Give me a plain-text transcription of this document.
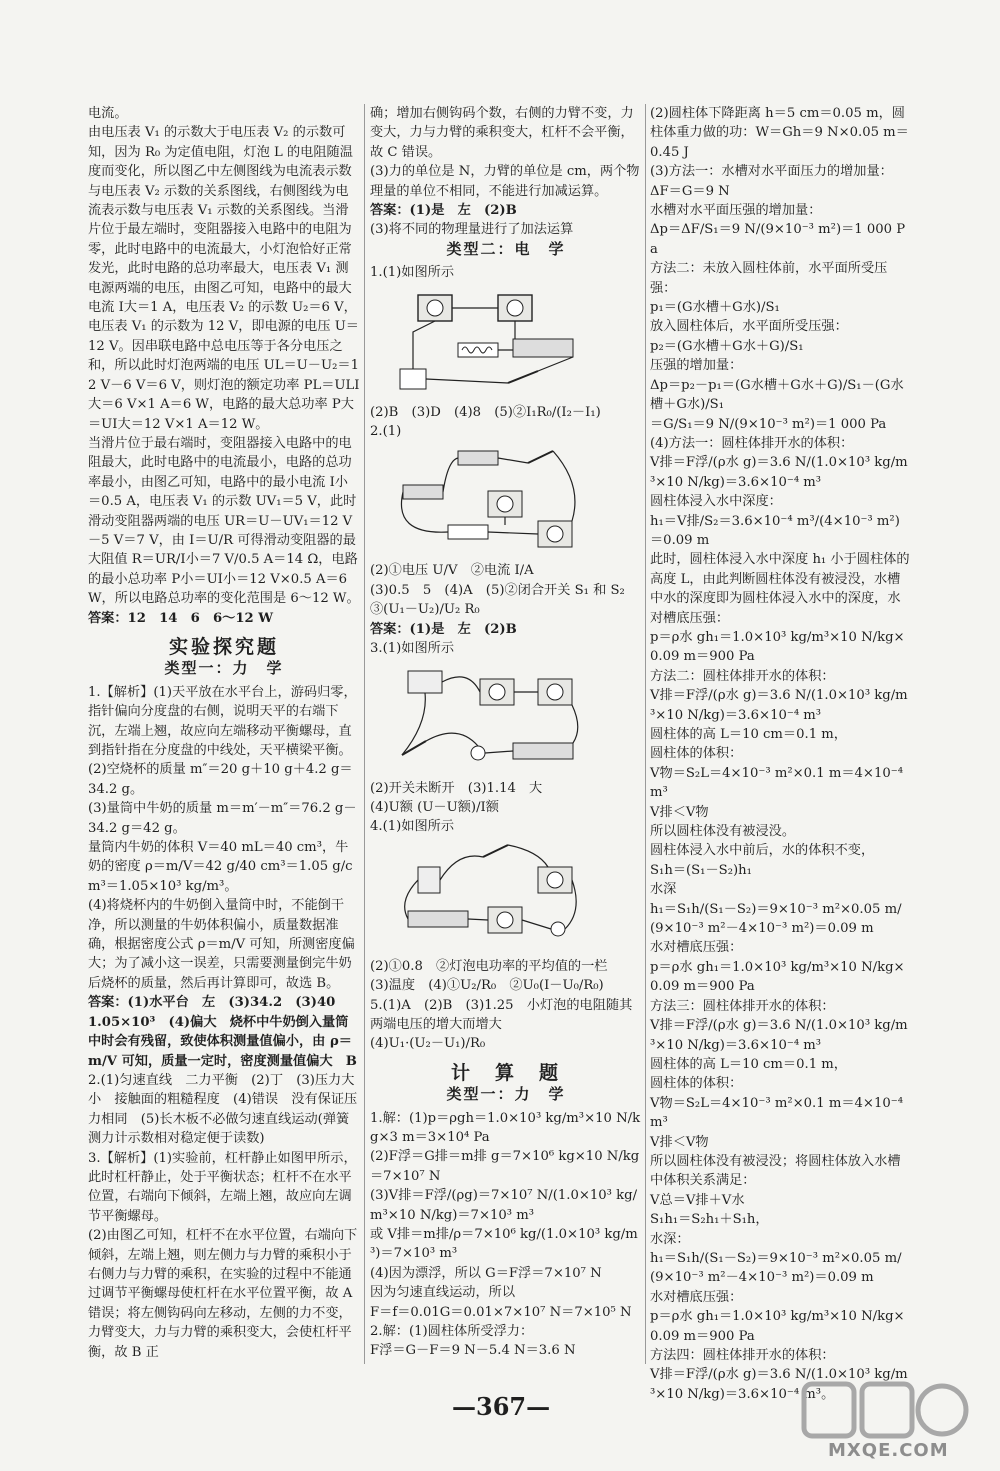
电流。

由电压表 V₁ 的示数大于电压表 V₂ 的示数可知，因为 R₀ 为定值电阻，灯泡 L 的电阻随温度而变化，所以图乙中左侧图线为电流表示数与电压表 V₂ 示数的关系图线，右侧图线为电流表示数与电压表 V₁ 示数的关系图线。当滑片位于最左端时，变阻器接入电路中的电阻为零，此时电路中的电流最大，小灯泡恰好正常发光，此时电路的总功率最大，电压表 V₁ 测电源两端的电压，由图乙可知，电路中的最大电流 I大＝1 A，电压表 V₂ 的示数 U₂＝6 V，电压表 V₁ 的示数为 12 V，即电源的电压 U＝12 V。因串联电路中总电压等于各分电压之和，所以此时灯泡两端的电压 UL＝U－U₂＝12 V－6 V＝6 V，则灯泡的额定功率 PL＝ULI大＝6 V×1 A＝6 W，电路的最大总功率 P大＝UI大＝12 V×1 A＝12 W。

当滑片位于最右端时，变阻器接入电路中的电阻最大，此时电路中的电流最小，电路的总功率最小，由图乙可知，电路中的最小电流 I小＝0.5 A，电压表 V₁ 的示数 UV₁＝5 V，此时滑动变阻器两端的电压 UR＝U－UV₁＝12 V－5 V＝7 V，由 I＝U/R 可得滑动变阻器的最大阻值 R＝UR/I小＝7 V/0.5 A＝14 Ω，电路的最小总功率 P小＝UI小＝12 V×0.5 A＝6 W，所以电路总功率的变化范围是 6～12 W。

答案：12　14　6　6～12 W

实验探究题
类型一：力　学

1.【解析】(1)天平放在水平台上，游码归零，指针偏向分度盘的右侧，说明天平的右端下沉，左端上翘，故应向左端移动平衡螺母，直到指针指在分度盘的中线处，天平横梁平衡。

(2)空烧杯的质量 m″＝20 g＋10 g＋4.2 g＝34.2 g。

(3)量筒中牛奶的质量 m＝m′－m″＝76.2 g－34.2 g＝42 g。

量筒内牛奶的体积 V＝40 mL＝40 cm³，牛奶的密度 ρ＝m/V＝42 g/40 cm³＝1.05 g/cm³＝1.05×10³ kg/m³。

(4)将烧杯内的牛奶倒入量筒中时，不能倒干净，所以测量的牛奶体积偏小，质量数据准确，根据密度公式 ρ＝m/V 可知，所测密度偏大；为了减小这一误差，只需要测量倒完牛奶后烧杯的质量，然后再计算即可，故选 B。

答案：(1)水平台　左　(3)34.2　(3)40　1.05×10³　(4)偏大　烧杯中牛奶倒入量筒中时会有残留，致使体积测量值偏小，由 ρ＝m/V 可知，质量一定时，密度测量值偏大　B

2.(1)匀速直线　二力平衡　(2)丁　(3)压力大小　接触面的粗糙程度　(4)错误　没有保证压力相同　(5)长木板不必做匀速直线运动(弹簧测力计示数相对稳定便于读数)

3.【解析】(1)实验前，杠杆静止如图甲所示，此时杠杆静止，处于平衡状态；杠杆不在水平位置，右端向下倾斜，左端上翘，故应向左调节平衡螺母。

(2)由图乙可知，杠杆不在水平位置，右端向下倾斜，左端上翘，则左侧力与力臂的乘积小于右侧力与力臂的乘积，在实验的过程中不能通过调节平衡螺母使杠杆在水平位置平衡，故 A 错误；将左侧钩码向左移动，左侧的力不变，力臂变大，力与力臂的乘积变大，会使杠杆平衡，故 B 正

确；增加右侧钩码个数，右侧的力臂不变，力变大，力与力臂的乘积变大，杠杆不会平衡，故 C 错误。

(3)力的单位是 N，力臂的单位是 cm，两个物理量的单位不相同，不能进行加减运算。

答案：(1)是　左　(2)B

(3)将不同的物理量进行了加法运算

类型二：电　学

1.(1)如图所示

(2)B　(3)D　(4)8　(5)②I₁R₀/(I₂－I₁)

2.(1)

(2)①电压 U/V　②电流 I/A

(3)0.5　5　(4)A　(5)②闭合开关 S₁ 和 S₂　③(U₁－U₂)/U₂ R₀

答案：(1)是　左　(2)B

3.(1)如图所示

(2)开关未断开　(3)1.14　大

(4)U额 (U－U额)/I额

4.(1)如图所示

(2)①0.8　②灯泡电功率的平均值的一栏

(3)温度　(4)①U₂/R₀　②U₀(I－U₀/R₀)

5.(1)A　(2)B　(3)1.25　小灯泡的电阻随其两端电压的增大而增大

(4)U₁·(U₂－U₁)/R₀

计　算　题
类型一：力　学

1.解：(1)p＝ρgh＝1.0×10³ kg/m³×10 N/kg×3 m＝3×10⁴ Pa

(2)F浮＝G排＝m排 g＝7×10⁶ kg×10 N/kg＝7×10⁷ N

(3)V排＝F浮/(ρg)＝7×10⁷ N/(1.0×10³ kg/m³×10 N/kg)＝7×10³ m³

或 V排＝m排/ρ＝7×10⁶ kg/(1.0×10³ kg/m³)＝7×10³ m³

(4)因为漂浮，所以 G＝F浮＝7×10⁷ N

因为匀速直线运动，所以

F＝f＝0.01G＝0.01×7×10⁷ N＝7×10⁵ N

2.解：(1)圆柱体所受浮力：

F浮＝G－F＝9 N－5.4 N＝3.6 N

(2)圆柱体下降距离 h＝5 cm＝0.05 m，圆柱体重力做的功：W＝Gh＝9 N×0.05 m＝0.45 J

(3)方法一：水槽对水平面压力的增加量：

ΔF＝G＝9 N

水槽对水平面压强的增加量：

Δp＝ΔF/S₁＝9 N/(9×10⁻³ m²)＝1 000 Pa

方法二：未放入圆柱体前，水平面所受压强：

p₁＝(G水槽＋G水)/S₁

放入圆柱体后，水平面所受压强：

p₂＝(G水槽＋G水＋G)/S₁

压强的增加量：

Δp＝p₂－p₁＝(G水槽＋G水＋G)/S₁－(G水槽＋G水)/S₁

＝G/S₁＝9 N/(9×10⁻³ m²)＝1 000 Pa

(4)方法一：圆柱体排开水的体积：

V排＝F浮/(ρ水 g)＝3.6 N/(1.0×10³ kg/m³×10 N/kg)＝3.6×10⁻⁴ m³

圆柱体浸入水中深度：

h₁＝V排/S₂＝3.6×10⁻⁴ m³/(4×10⁻³ m²)＝0.09 m

此时，圆柱体浸入水中深度 h₁ 小于圆柱体的高度 L，由此判断圆柱体没有被浸没，水槽中水的深度即为圆柱体浸入水中的深度，水对槽底压强：

p＝ρ水 gh₁＝1.0×10³ kg/m³×10 N/kg×0.09 m＝900 Pa

方法二：圆柱体排开水的体积：

V排＝F浮/(ρ水 g)＝3.6 N/(1.0×10³ kg/m³×10 N/kg)＝3.6×10⁻⁴ m³

圆柱体的高 L＝10 cm＝0.1 m，

圆柱体的体积：

V物＝S₂L＝4×10⁻³ m²×0.1 m＝4×10⁻⁴ m³

V排＜V物

所以圆柱体没有被浸没。

圆柱体浸入水中前后，水的体积不变，

S₁h＝(S₁－S₂)h₁

水深

h₁＝S₁h/(S₁－S₂)＝9×10⁻³ m²×0.05 m/(9×10⁻³ m²－4×10⁻³ m²)＝0.09 m

水对槽底压强：

p＝ρ水 gh₁＝1.0×10³ kg/m³×10 N/kg×0.09 m＝900 Pa

方法三：圆柱体排开水的体积：

V排＝F浮/(ρ水 g)＝3.6 N/(1.0×10³ kg/m³×10 N/kg)＝3.6×10⁻⁴ m³

圆柱体的高 L＝10 cm＝0.1 m，

圆柱体的体积：

V物＝S₂L＝4×10⁻³ m²×0.1 m＝4×10⁻⁴ m³

V排＜V物

所以圆柱体没有被浸没；将圆柱体放入水槽中体积关系满足：

V总＝V排＋V水

S₁h₁＝S₂h₁＋S₁h，

水深：

h₁＝S₁h/(S₁－S₂)＝9×10⁻³ m²×0.05 m/(9×10⁻³ m²－4×10⁻³ m²)＝0.09 m

水对槽底压强：

p＝ρ水 gh₁＝1.0×10³ kg/m³×10 N/kg×0.09 m＝900 Pa

方法四：圆柱体排开水的体积：

V排＝F浮/(ρ水 g)＝3.6 N/(1.0×10³ kg/m³×10 N/kg)＝3.6×10⁻⁴ m³。

—367—
MXQE.COM
